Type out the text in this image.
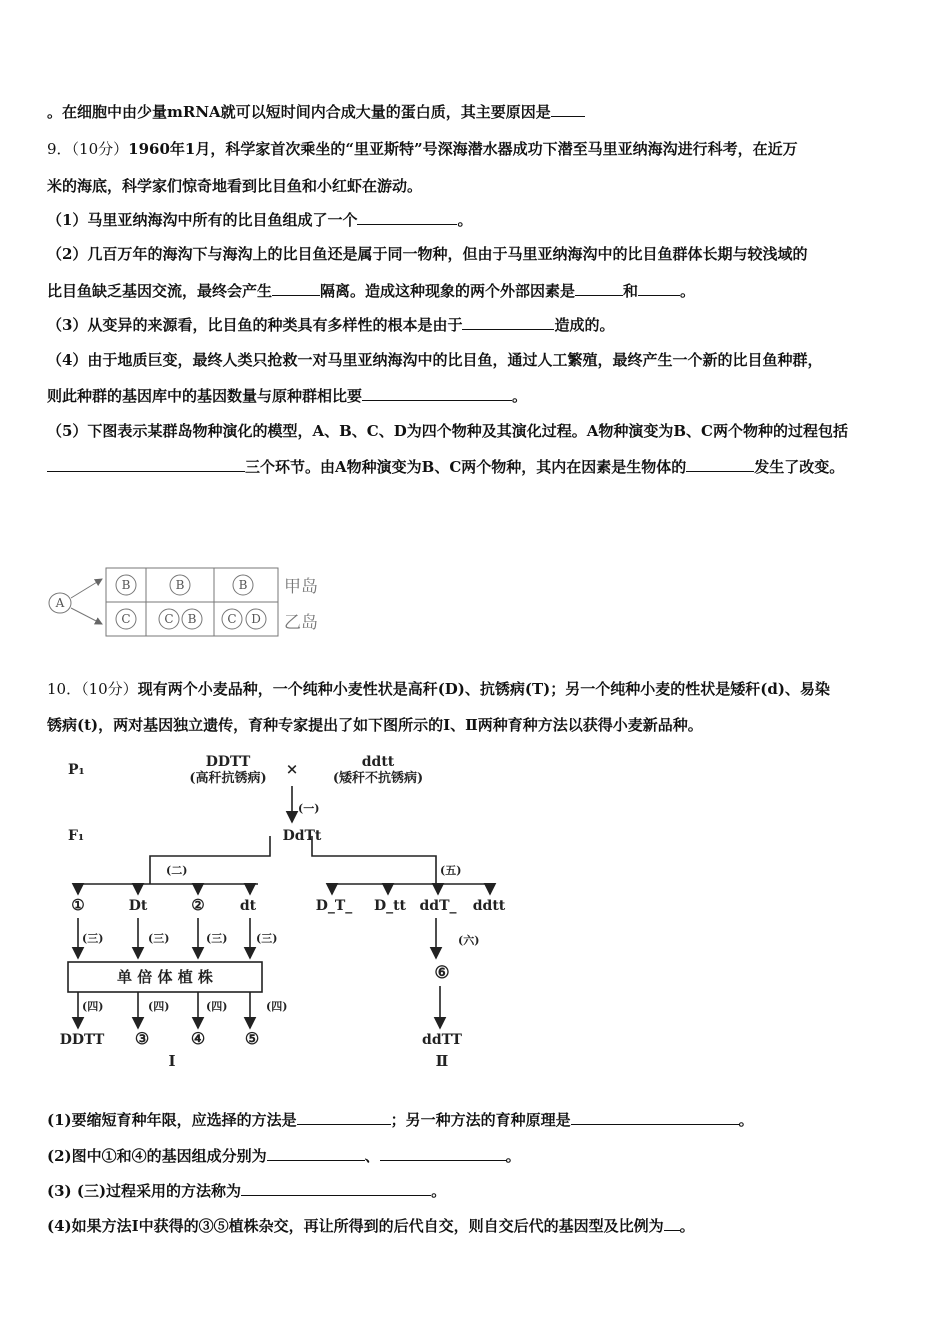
。在细胞中由少量mRNA就可以短时间内合成大量的蛋白质，其主要原因是
9．（10分）1960年1月，科学家首次乘坐的“里亚斯特”号深海潜水器成功下潜至马里亚纳海沟进行科考，在近万
米的海底，科学家们惊奇地看到比目鱼和小红虾在游动。
（1）马里亚纳海沟中所有的比目鱼组成了一个	。
（2）几百万年的海沟下与海沟上的比目鱼还是属于同一物种，但由于马里亚纳海沟中的比目鱼群体长期与较浅域的
比目鱼缺乏基因交流，最终会产生	隔离。造成这种现象的两个外部因素是	和	。
（3）从变异的来源看，比目鱼的种类具有多样性的根本是由于	造成的。
（4）由于地质巨变，最终人类只抢救一对马里亚纳海沟中的比目鱼，通过人工繁殖，最终产生一个新的比目鱼种群，
则此种群的基因库中的基因数量与原种群相比要	。
（5）下图表示某群岛物种演化的模型，A、B、C、D为四个物种及其演化过程。A物种演变为B、C两个物种的过程包括
三个环节。由A物种演变为B、C两个物种，其内在因素是生物体的	发生了改变。
A
B	B	B
C	C B	C D
甲岛
乙岛
10．（10分）现有两个小麦品种，一个纯种小麦性状是高秆(D)、抗锈病(T)；另一个纯种小麦的性状是矮秆(d)、易染
锈病(t)，两对基因独立遗传，育种专家提出了如下图所示的Ⅰ、Ⅱ两种育种方法以获得小麦新品种。
P₁
F₁
DDTT
(高秆抗锈病)
×	ddtt
(矮秆不抗锈病)
(一)
DdTt
(二)	(五)
①	Dt	②	dt
(三)	(三)	(三)	(三)
单 倍 体 植 株
(四)	(四)	(四)	(四)
DDTT ③	④ ⑤
Ⅰ
D_T_ D_tt ddT_ ddtt
(六)
⑥
ddTT
Ⅱ
(1)要缩短育种年限，应选择的方法是	；另一种方法的育种原理是	。
(2)图中①和④的基因组成分别为	、	。
(3) (三)过程采用的方法称为	。
(4)如果方法Ⅰ中获得的③⑤植株杂交，再让所得到的后代自交，则自交后代的基因型及比例为 。
